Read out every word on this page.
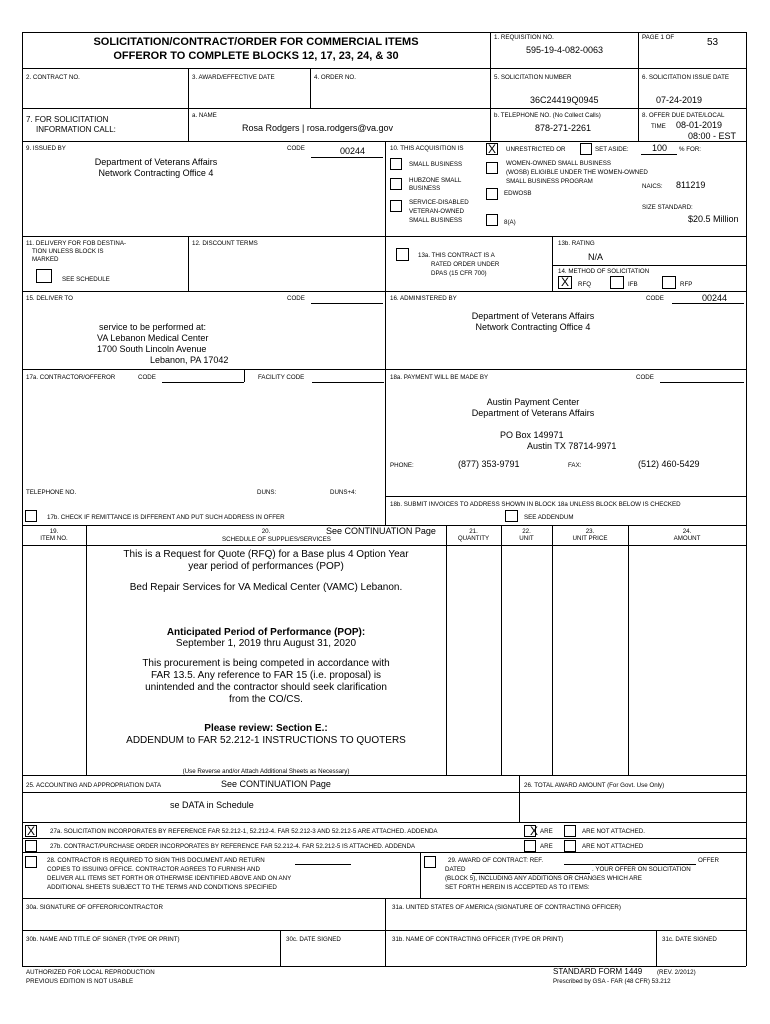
SOLICITATION/CONTRACT/ORDER FOR COMMERCIAL ITEMS
OFFEROR TO COMPLETE BLOCKS 12, 17, 23, 24, & 30
1. REQUISITION NO.
595-19-4-082-0063
PAGE 1 OF	53
2. CONTRACT NO.	3. AWARD/EFFECTIVE DATE	4. ORDER NO.	5. SOLICITATION NUMBER
36C24419Q0945
6. SOLICITATION ISSUE DATE
07-24-2019
7. FOR SOLICITATION
INFORMATION CALL:
a. NAME
Rosa Rodgers | rosa.rodgers@va.gov
b. TELEPHONE NO. (No Collect Calls)
878-271-2261
8. OFFER DUE DATE/LOCAL
TIME 08-01-2019
08:00 - EST
9. ISSUED BY	CODE	00244
Department of Veterans Affairs
Network Contracting Office 4
10. THIS ACQUISITION IS X	UNRESTRICTED OR	SET ASIDE:	100 % FOR:
SMALL BUSINESS
HUBZONE SMALL
BUSINESS
SERVICE-DISABLED
VETERAN-OWNED
SMALL BUSINESS
WOMEN-OWNED SMALL BUSINESS
(WOSB) ELIGIBLE UNDER THE WOMEN-OWNED
SMALL BUSINESS PROGRAM
EDWOSB
8(A)
NAICS: 811219
SIZE STANDARD:
$20.5 Million
11. DELIVERY FOR FOB DESTINA-
TION UNLESS BLOCK IS
MARKED
SEE SCHEDULE
12. DISCOUNT TERMS
13a. THIS CONTRACT IS A
RATED ORDER UNDER
DPAS (15 CFR 700)
13b. RATING
N/A
14. METHOD OF SOLICITATION
X	RFQ	IFB	RFP
15. DELIVER TO	CODE
service to be performed at:
VA Lebanon Medical Center
1700 South Lincoln Avenue
Lebanon, PA 17042
16. ADMINISTERED BY	CODE	00244
Department of Veterans Affairs
Network Contracting Office 4
17a. CONTRACTOR/OFFEROR	CODE	FACILITY CODE
TELEPHONE NO.	DUNS:	DUNS+4:
17b. CHECK IF REMITTANCE IS DIFFERENT AND PUT SUCH ADDRESS IN OFFER
18a. PAYMENT WILL BE MADE BY	CODE
Austin Payment Center
Department of Veterans Affairs
PO Box 149971
Austin TX 78714-9971
PHONE:	(877) 353-9791	FAX:	(512) 460-5429
18b. SUBMIT INVOICES TO ADDRESS SHOWN IN BLOCK 18a UNLESS BLOCK BELOW IS CHECKED
SEE ADDENDUM
19.
ITEM NO.
20.
SCHEDULE OF SUPPLIES/SERVICES
See CONTINUATION Page	21.
QUANTITY
22.
UNIT
23.
UNIT PRICE
24.
AMOUNT
This is a Request for Quote (RFQ) for a Base plus 4 Option Year year period of performances (POP)
Bed Repair Services for VA Medical Center (VAMC) Lebanon.
Anticipated Period of Performance (POP):
September 1, 2019 thru August 31, 2020
This procurement is being competed in accordance with FAR 13.5. Any reference to FAR 15 (i.e. proposal) is unintended and the contractor should seek clarification from the CO/CS.
Please review: Section E.:
ADDENDUM to FAR 52.212-1 INSTRUCTIONS TO QUOTERS
(Use Reverse and/or Attach Additional Sheets as Necessary)
25. ACCOUNTING AND APPROPRIATION DATA	See CONTINUATION Page
se DATA in Schedule
26. TOTAL AWARD AMOUNT (For Govt. Use Only)
X	27a. SOLICITATION INCORPORATES BY REFERENCE FAR 52.212-1, 52.212-4. FAR 52.212-3 AND 52.212-5 ARE ATTACHED. ADDENDA	X ARE	ARE NOT ATTACHED.
27b. CONTRACT/PURCHASE ORDER INCORPORATES BY REFERENCE FAR 52.212-4. FAR 52.212-5 IS ATTACHED. ADDENDA	ARE	ARE NOT ATTACHED
28. CONTRACTOR IS REQUIRED TO SIGN THIS DOCUMENT AND RETURN
COPIES TO ISSUING OFFICE. CONTRACTOR AGREES TO FURNISH AND
DELIVER ALL ITEMS SET FORTH OR OTHERWISE IDENTIFIED ABOVE AND ON ANY
ADDITIONAL SHEETS SUBJECT TO THE TERMS AND CONDITIONS SPECIFIED
29. AWARD OF CONTRACT: REF.	OFFER
DATED	. YOUR OFFER ON SOLICITATION
(BLOCK 5), INCLUDING ANY ADDITIONS OR CHANGES WHICH ARE
SET FORTH HEREIN IS ACCEPTED AS TO ITEMS:
30a. SIGNATURE OF OFFEROR/CONTRACTOR	31a. UNITED STATES OF AMERICA (SIGNATURE OF CONTRACTING OFFICER)
30b. NAME AND TITLE OF SIGNER (TYPE OR PRINT)	30c. DATE SIGNED	31b. NAME OF CONTRACTING OFFICER (TYPE OR PRINT)	31c. DATE SIGNED
AUTHORIZED FOR LOCAL REPRODUCTION
PREVIOUS EDITION IS NOT USABLE
STANDARD FORM 1449 (REV. 2/2012)
Prescribed by GSA - FAR (48 CFR) 53.212
